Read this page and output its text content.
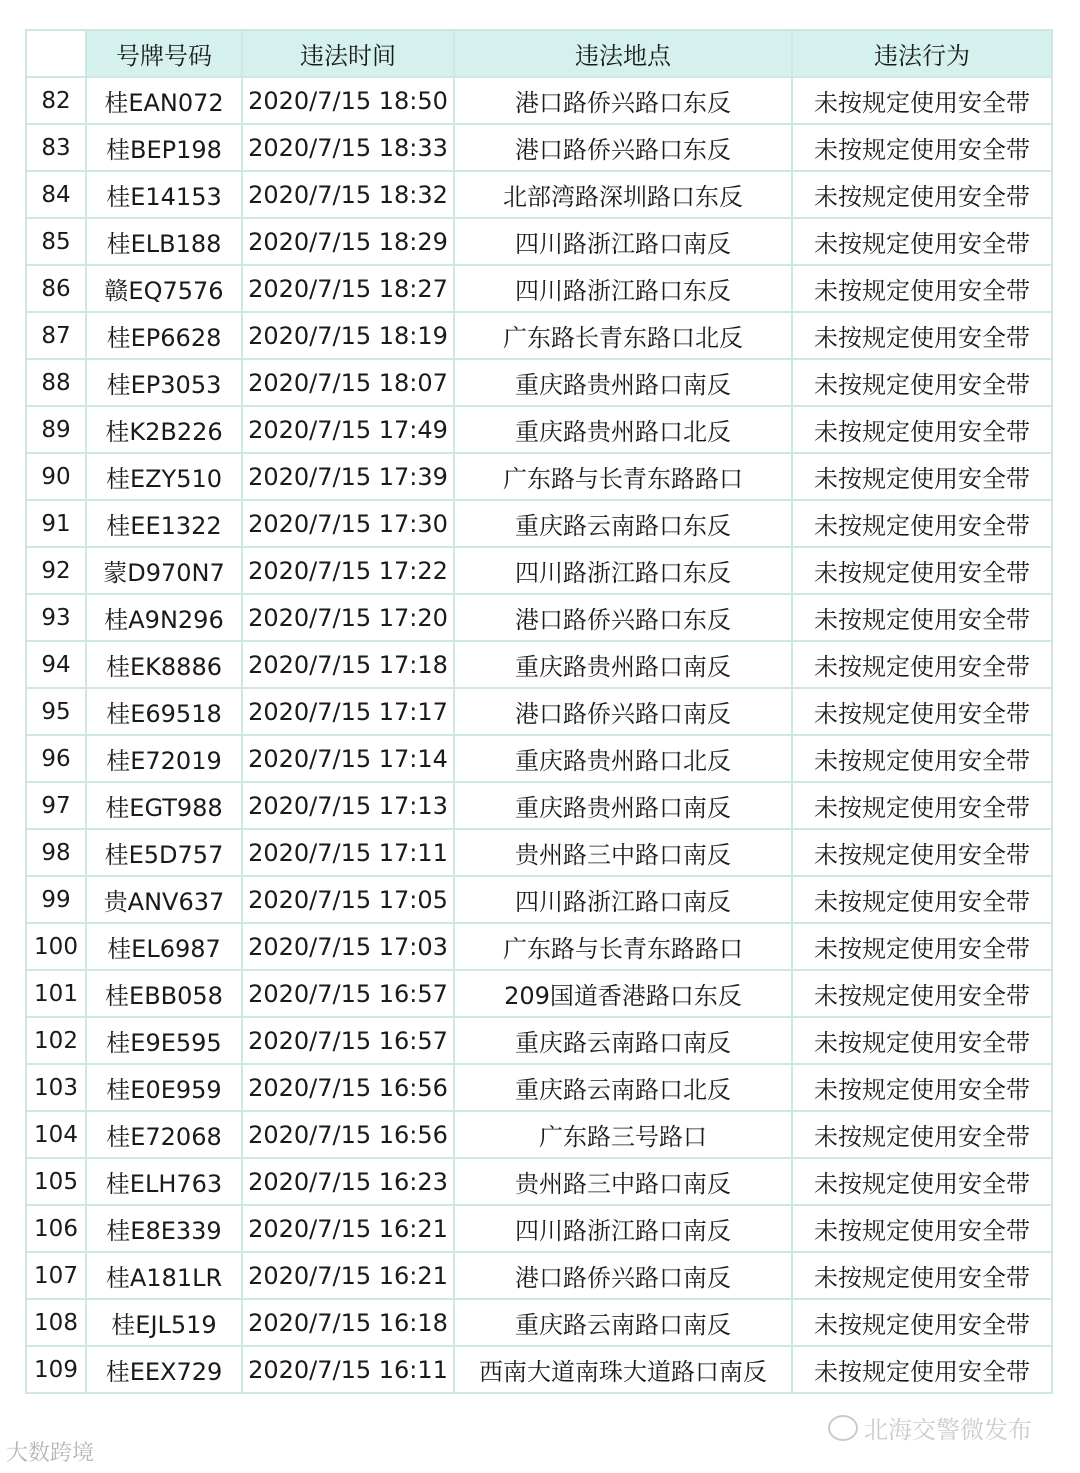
	号牌号码	违法时间	违法地点	违法行为
82	桂EAN072	2020/7/15 18:50	港口路侨兴路口东反	未按规定使用安全带
83	桂BEP198	2020/7/15 18:33	港口路侨兴路口东反	未按规定使用安全带
84	桂E14153	2020/7/15 18:32	北部湾路深圳路口东反	未按规定使用安全带
85	桂ELB188	2020/7/15 18:29	四川路浙江路口南反	未按规定使用安全带
86	赣EQ7576	2020/7/15 18:27	四川路浙江路口东反	未按规定使用安全带
87	桂EP6628	2020/7/15 18:19	广东路长青东路口北反	未按规定使用安全带
88	桂EP3053	2020/7/15 18:07	重庆路贵州路口南反	未按规定使用安全带
89	桂K2B226	2020/7/15 17:49	重庆路贵州路口北反	未按规定使用安全带
90	桂EZY510	2020/7/15 17:39	广东路与长青东路路口	未按规定使用安全带
91	桂EE1322	2020/7/15 17:30	重庆路云南路口东反	未按规定使用安全带
92	蒙D970N7	2020/7/15 17:22	四川路浙江路口东反	未按规定使用安全带
93	桂A9N296	2020/7/15 17:20	港口路侨兴路口东反	未按规定使用安全带
94	桂EK8886	2020/7/15 17:18	重庆路贵州路口南反	未按规定使用安全带
95	桂E69518	2020/7/15 17:17	港口路侨兴路口南反	未按规定使用安全带
96	桂E72019	2020/7/15 17:14	重庆路贵州路口北反	未按规定使用安全带
97	桂EGT988	2020/7/15 17:13	重庆路贵州路口南反	未按规定使用安全带
98	桂E5D757	2020/7/15 17:11	贵州路三中路口南反	未按规定使用安全带
99	贵ANV637	2020/7/15 17:05	四川路浙江路口南反	未按规定使用安全带
100	桂EL6987	2020/7/15 17:03	广东路与长青东路路口	未按规定使用安全带
101	桂EBB058	2020/7/15 16:57	209国道香港路口东反	未按规定使用安全带
102	桂E9E595	2020/7/15 16:57	重庆路云南路口南反	未按规定使用安全带
103	桂E0E959	2020/7/15 16:56	重庆路云南路口北反	未按规定使用安全带
104	桂E72068	2020/7/15 16:56	广东路三号路口	未按规定使用安全带
105	桂ELH763	2020/7/15 16:23	贵州路三中路口南反	未按规定使用安全带
106	桂E8E339	2020/7/15 16:21	四川路浙江路口南反	未按规定使用安全带
107	桂A181LR	2020/7/15 16:21	港口路侨兴路口南反	未按规定使用安全带
108	桂EJL519	2020/7/15 16:18	重庆路云南路口南反	未按规定使用安全带
109	桂EEX729	2020/7/15 16:11	西南大道南珠大道路口南反	未按规定使用安全带
大数跨境
北海交警微发布
